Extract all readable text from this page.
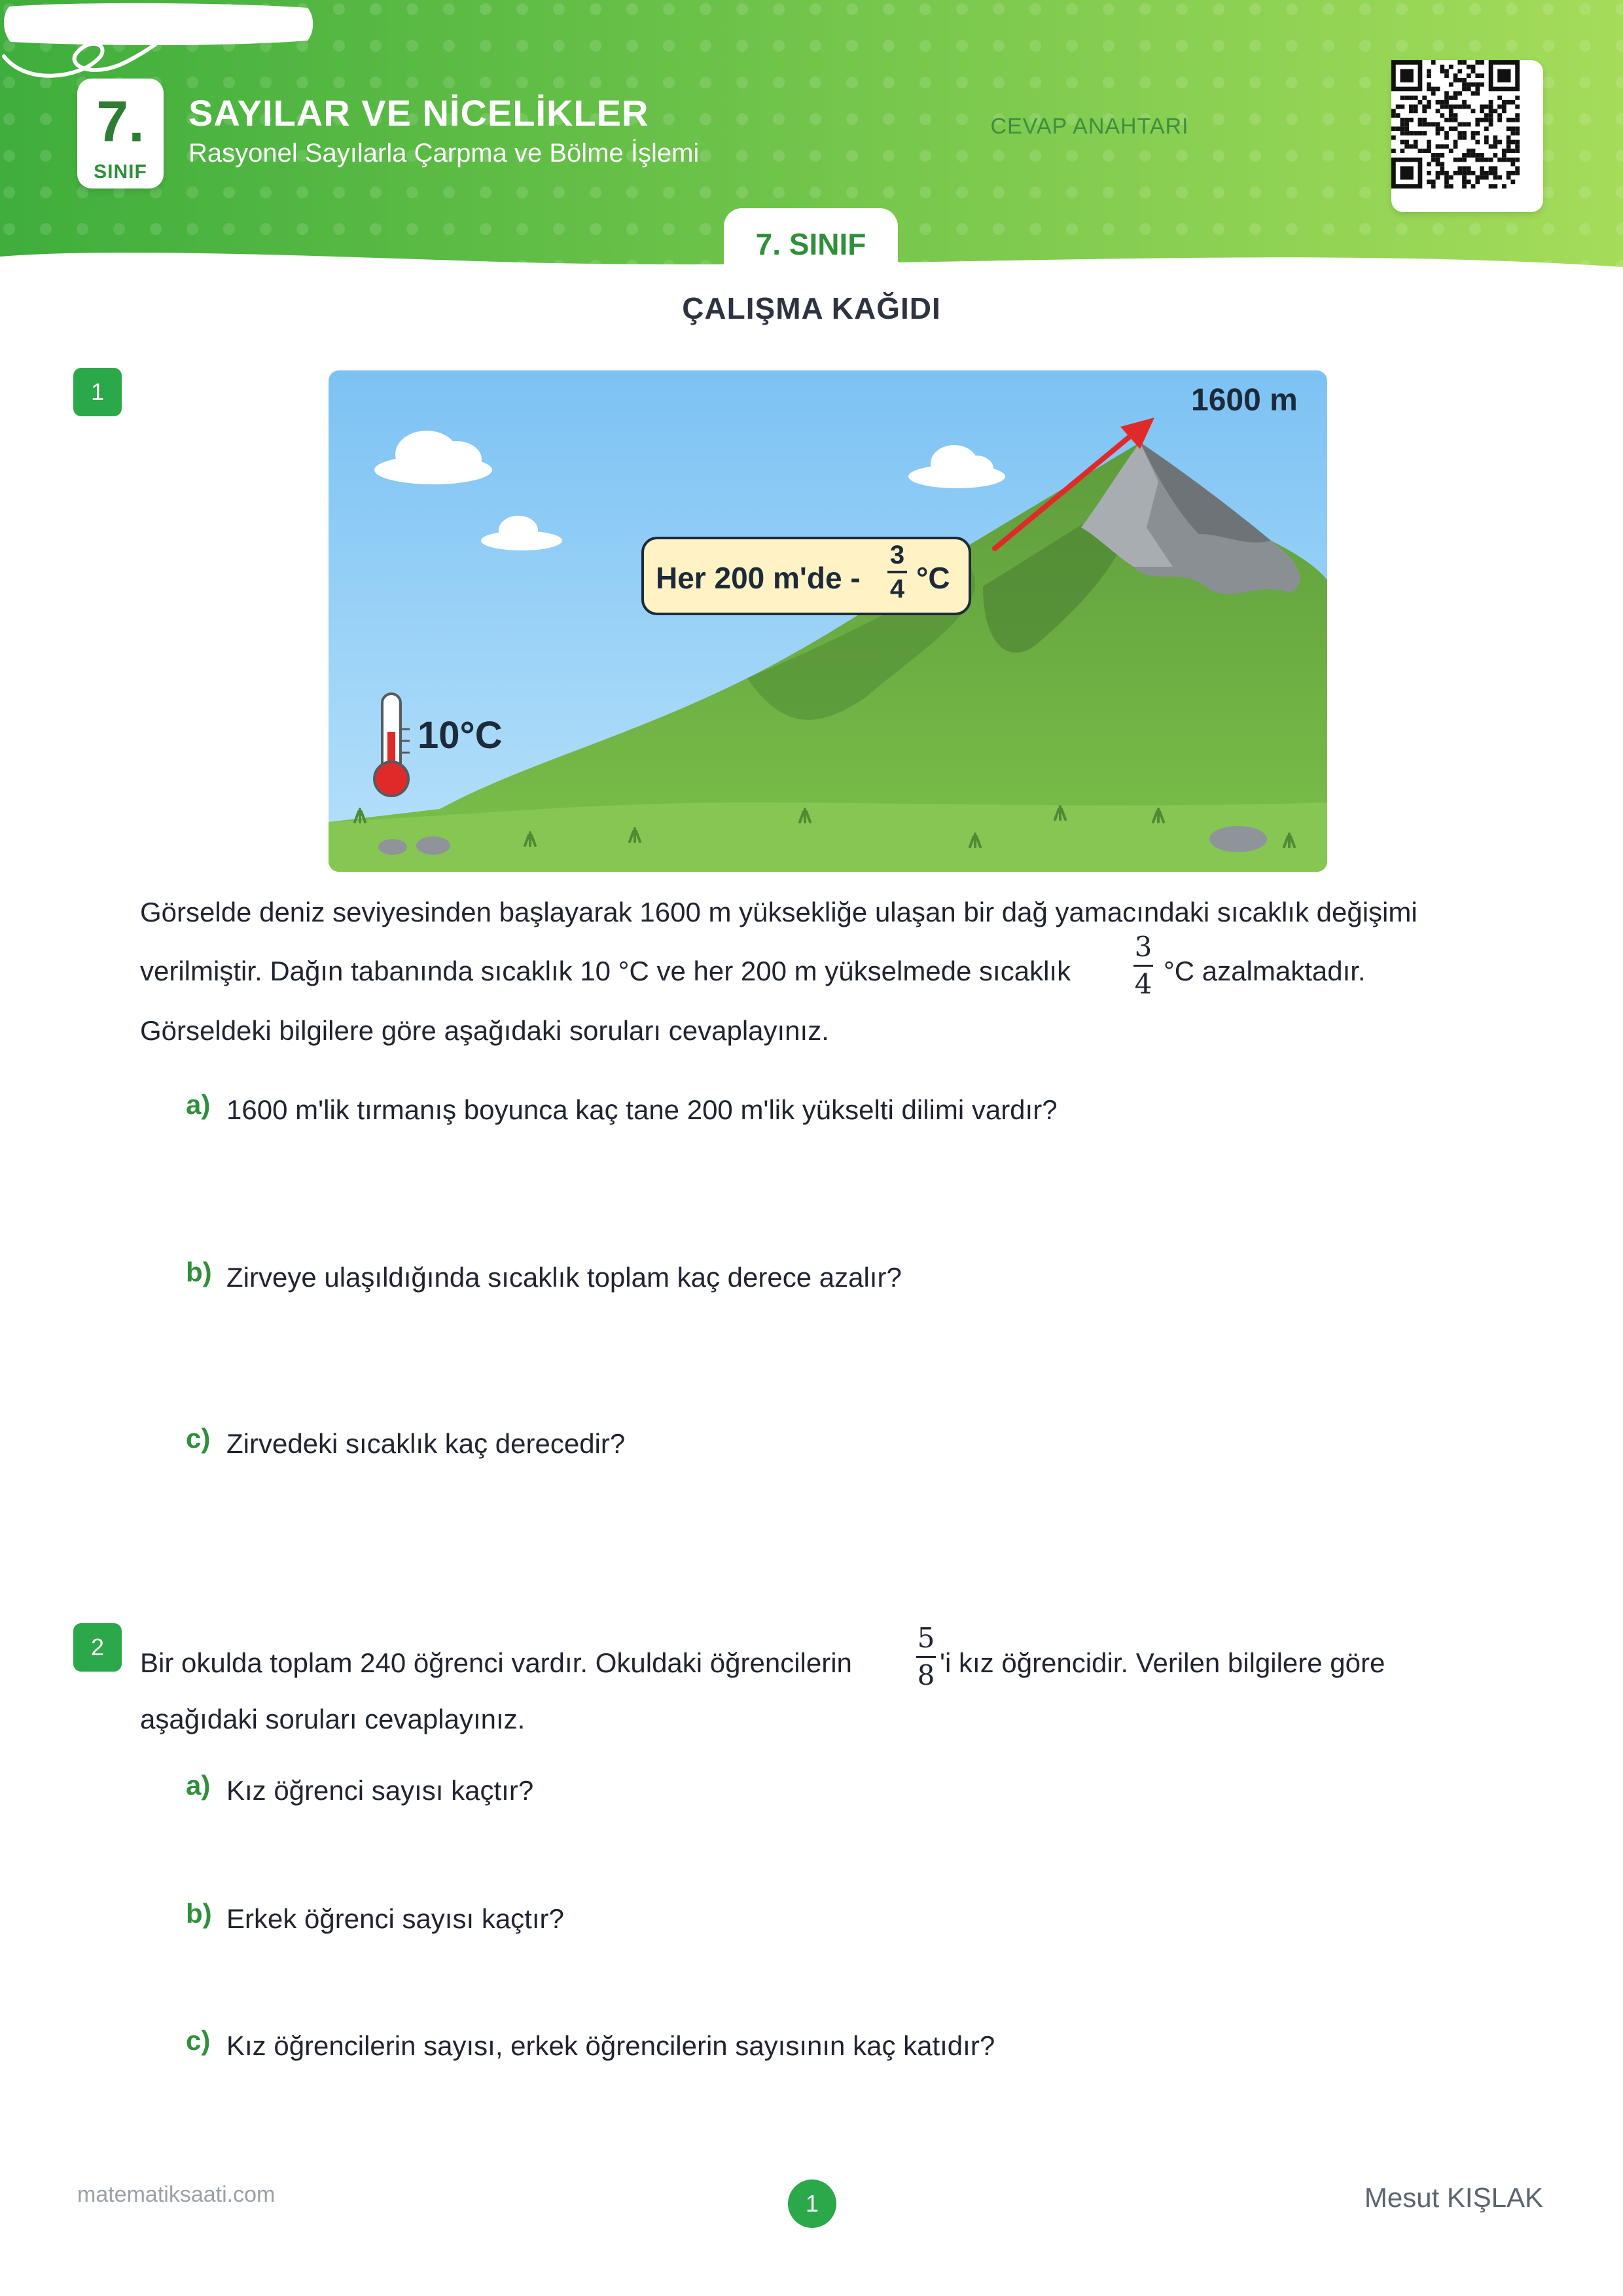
7.
SINIF
SAYILAR VE NİCELİKLER
Rasyonel Sayılarla Çarpma ve Bölme İşlemi
CEVAP ANAHTARI
7. SINIF
ÇALIŞMA KAĞIDI
1	1600 m
Her 200 m'de -
3
4 °C
10°C
Görselde deniz seviyesinden başlayarak 1600 m yüksekliğe ulaşan bir dağ yamacındaki sıcaklık değişimi
verilmiştir. Dağın tabanında sıcaklık 10 °C ve her 200 m yükselmede sıcaklık
3
4 °C azalmaktadır.
Görseldeki bilgilere göre aşağıdaki soruları cevaplayınız.
a) 1600 m'lik tırmanış boyunca kaç tane 200 m'lik yükselti dilimi vardır?
b) Zirveye ulaşıldığında sıcaklık toplam kaç derece azalır?
c) Zirvedeki sıcaklık kaç derecedir?
2
Bir okulda toplam 240 öğrenci vardır. Okuldaki öğrencilerin
5
8 'i kız öğrencidir. Verilen bilgilere göre
aşağıdaki soruları cevaplayınız.
a) Kız öğrenci sayısı kaçtır?
b) Erkek öğrenci sayısı kaçtır?
c) Kız öğrencilerin sayısı, erkek öğrencilerin sayısının kaç katıdır?
matematiksaati.com	1	Mesut KIŞLAK
